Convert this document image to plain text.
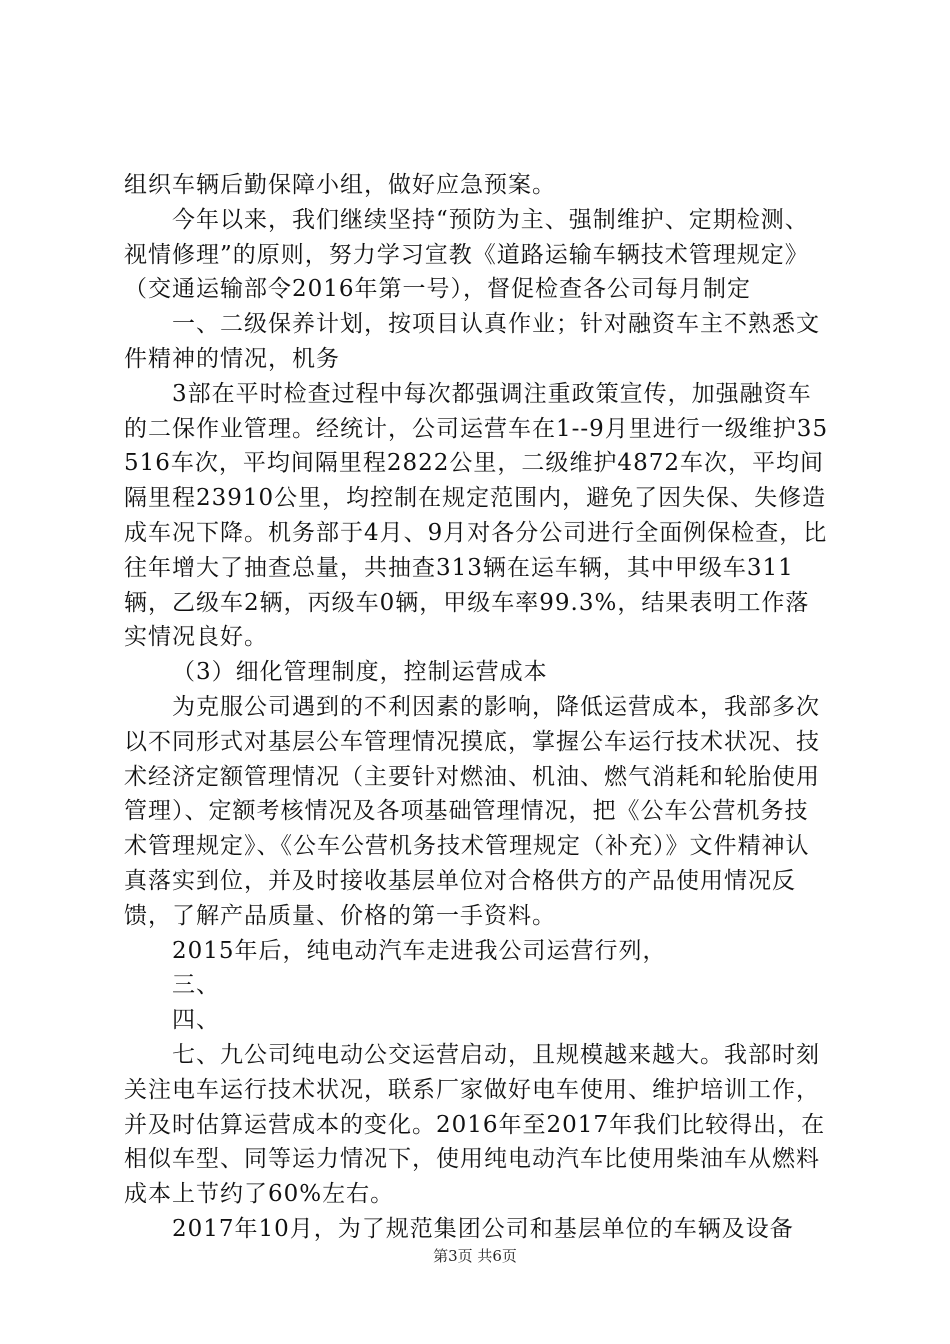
组织车辆后勤保障小组，做好应急预案。

今年以来，我们继续坚持“预防为主、强制维护、定期检测、视情修理”的原则，努力学习宣教《道路运输车辆技术管理规定》（交通运输部令2016年第一号），督促检查各公司每月制定

一、二级保养计划，按项目认真作业；针对融资车主不熟悉文件精神的情况，机务

3部在平时检查过程中每次都强调注重政策宣传，加强融资车的二保作业管理。经统计，公司运营车在1--9月里进行一级维护35516车次，平均间隔里程2822公里，二级维护4872车次，平均间隔里程23910公里，均控制在规定范围内，避免了因失保、失修造成车况下降。机务部于4月、9月对各分公司进行全面例保检查，比往年增大了抽查总量，共抽查313辆在运车辆，其中甲级车311辆，乙级车2辆，丙级车0辆，甲级车率99.3%，结果表明工作落实情况良好。

（3）细化管理制度，控制运营成本

为克服公司遇到的不利因素的影响，降低运营成本，我部多次以不同形式对基层公车管理情况摸底，掌握公车运行技术状况、技术经济定额管理情况（主要针对燃油、机油、燃气消耗和轮胎使用管理）、定额考核情况及各项基础管理情况，把《公车公营机务技术管理规定》、《公车公营机务技术管理规定（补充）》文件精神认真落实到位，并及时接收基层单位对合格供方的产品使用情况反馈，了解产品质量、价格的第一手资料。

2015年后，纯电动汽车走进我公司运营行列，

三、

四、

七、九公司纯电动公交运营启动，且规模越来越大。我部时刻关注电车运行技术状况，联系厂家做好电车使用、维护培训工作，并及时估算运营成本的变化。2016年至2017年我们比较得出，在相似车型、同等运力情况下，使用纯电动汽车比使用柴油车从燃料成本上节约了60%左右。

2017年10月，为了规范集团公司和基层单位的车辆及设备

第3页 共6页
